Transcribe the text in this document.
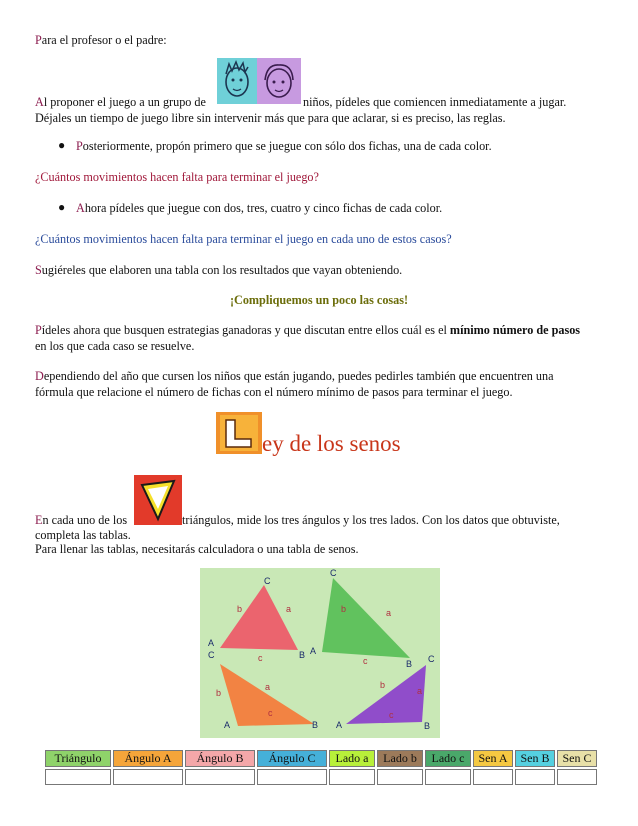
Para el profesor o el padre:

Al proponer el juego a un grupo de	niños, pídeles que comiencen inmediatamente a jugar.

Déjales un tiempo de juego libre sin intervenir más que para que aclarar, si es preciso, las reglas.

● Posteriormente, propón primero que se juegue con sólo dos fichas, una de cada color.

¿Cuántos movimientos hacen falta para terminar el juego?

● Ahora pídeles que juegue con dos, tres, cuatro y cinco fichas de cada color.

¿Cuántos movimientos hacen falta para terminar el juego en cada uno de estos casos?

Sugiéreles que elaboren una tabla con los resultados que vayan obteniendo.

¡Compliquemos un poco las cosas!

Pídeles ahora que busquen estrategias ganadoras y que discutan entre ellos cuál es el mínimo número de pasos

en los que cada caso se resuelve.

Dependiendo del año que cursen los niños que están jugando, puedes pedirles también que encuentren una

fórmula que relacione el número de fichas con el número mínimo de pasos para terminar el juego.

ey de los senos

En cada uno de los	triángulos, mide los tres ángulos y los tres lados. Con los datos que obtuviste,

completa las tablas.

Para llenar las tablas, necesitarás calculadora o una tabla de senos.

C
A
B
a
b
c
C
A
B
a
b
c
C
A	B
a
b
c
C
A	B
a
b
c
Triángulo	Ángulo A	Ángulo B	Ángulo C	Lado a	Lado b	Lado c	Sen A	Sen B	Sen C
